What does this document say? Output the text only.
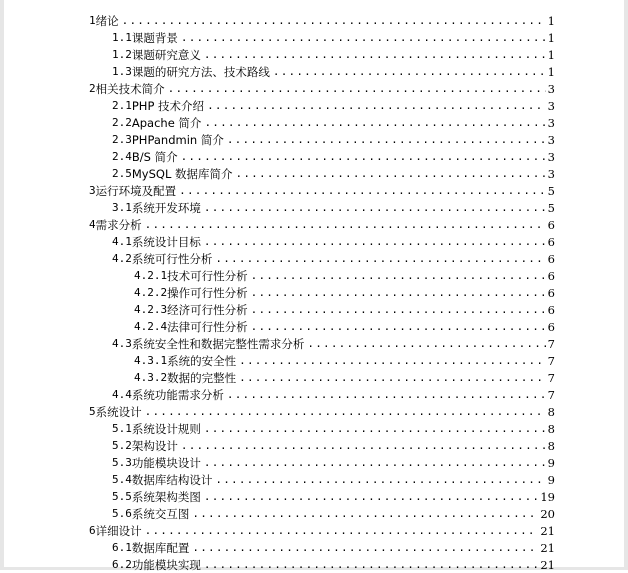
1 绪论 .....	1
1.1 课题背景 .....	1
1.2 课题研究意义 .....	1
1.3 课题的研究方法、技术路线 .....	1
2 相关技术简介 .....	3
2.1 PHP 技术介绍 .....	3
2.2 Apache 简介 .....	3
2.3 PHPandmin 简介 .....	3
2.4 B/S 简介 .....	3
2.5 MySQL 数据库简介 .....	3
3 运行环境及配置 .....	5
3.1 系统开发环境 .....	5
4 需求分析 .....	6
4.1 系统设计目标 .....	6
4.2 系统可行性分析 .....	6
4.2.1 技术可行性分析 .....	6
4.2.2 操作可行性分析 .....	6
4.2.3 经济可行性分析 .....	6
4.2.4 法律可行性分析 .....	6
4.3 系统安全性和数据完整性需求分析 .....	7
4.3.1 系统的安全性 .....	7
4.3.2 数据的完整性 .....	7
4.4 系统功能需求分析 .....	7
5 系统设计 .....	8
5.1 系统设计规则 .....	8
5.2 架构设计 .....	8
5.3 功能模块设计 .....	9
5.4 数据库结构设计 .....	9
5.5 系统架构类图 .....	19
5.6 系统交互图 .....	20
6 详细设计 .....	21
6.1 数据库配置 .....	21
6.2 功能模块实现 .....	21
